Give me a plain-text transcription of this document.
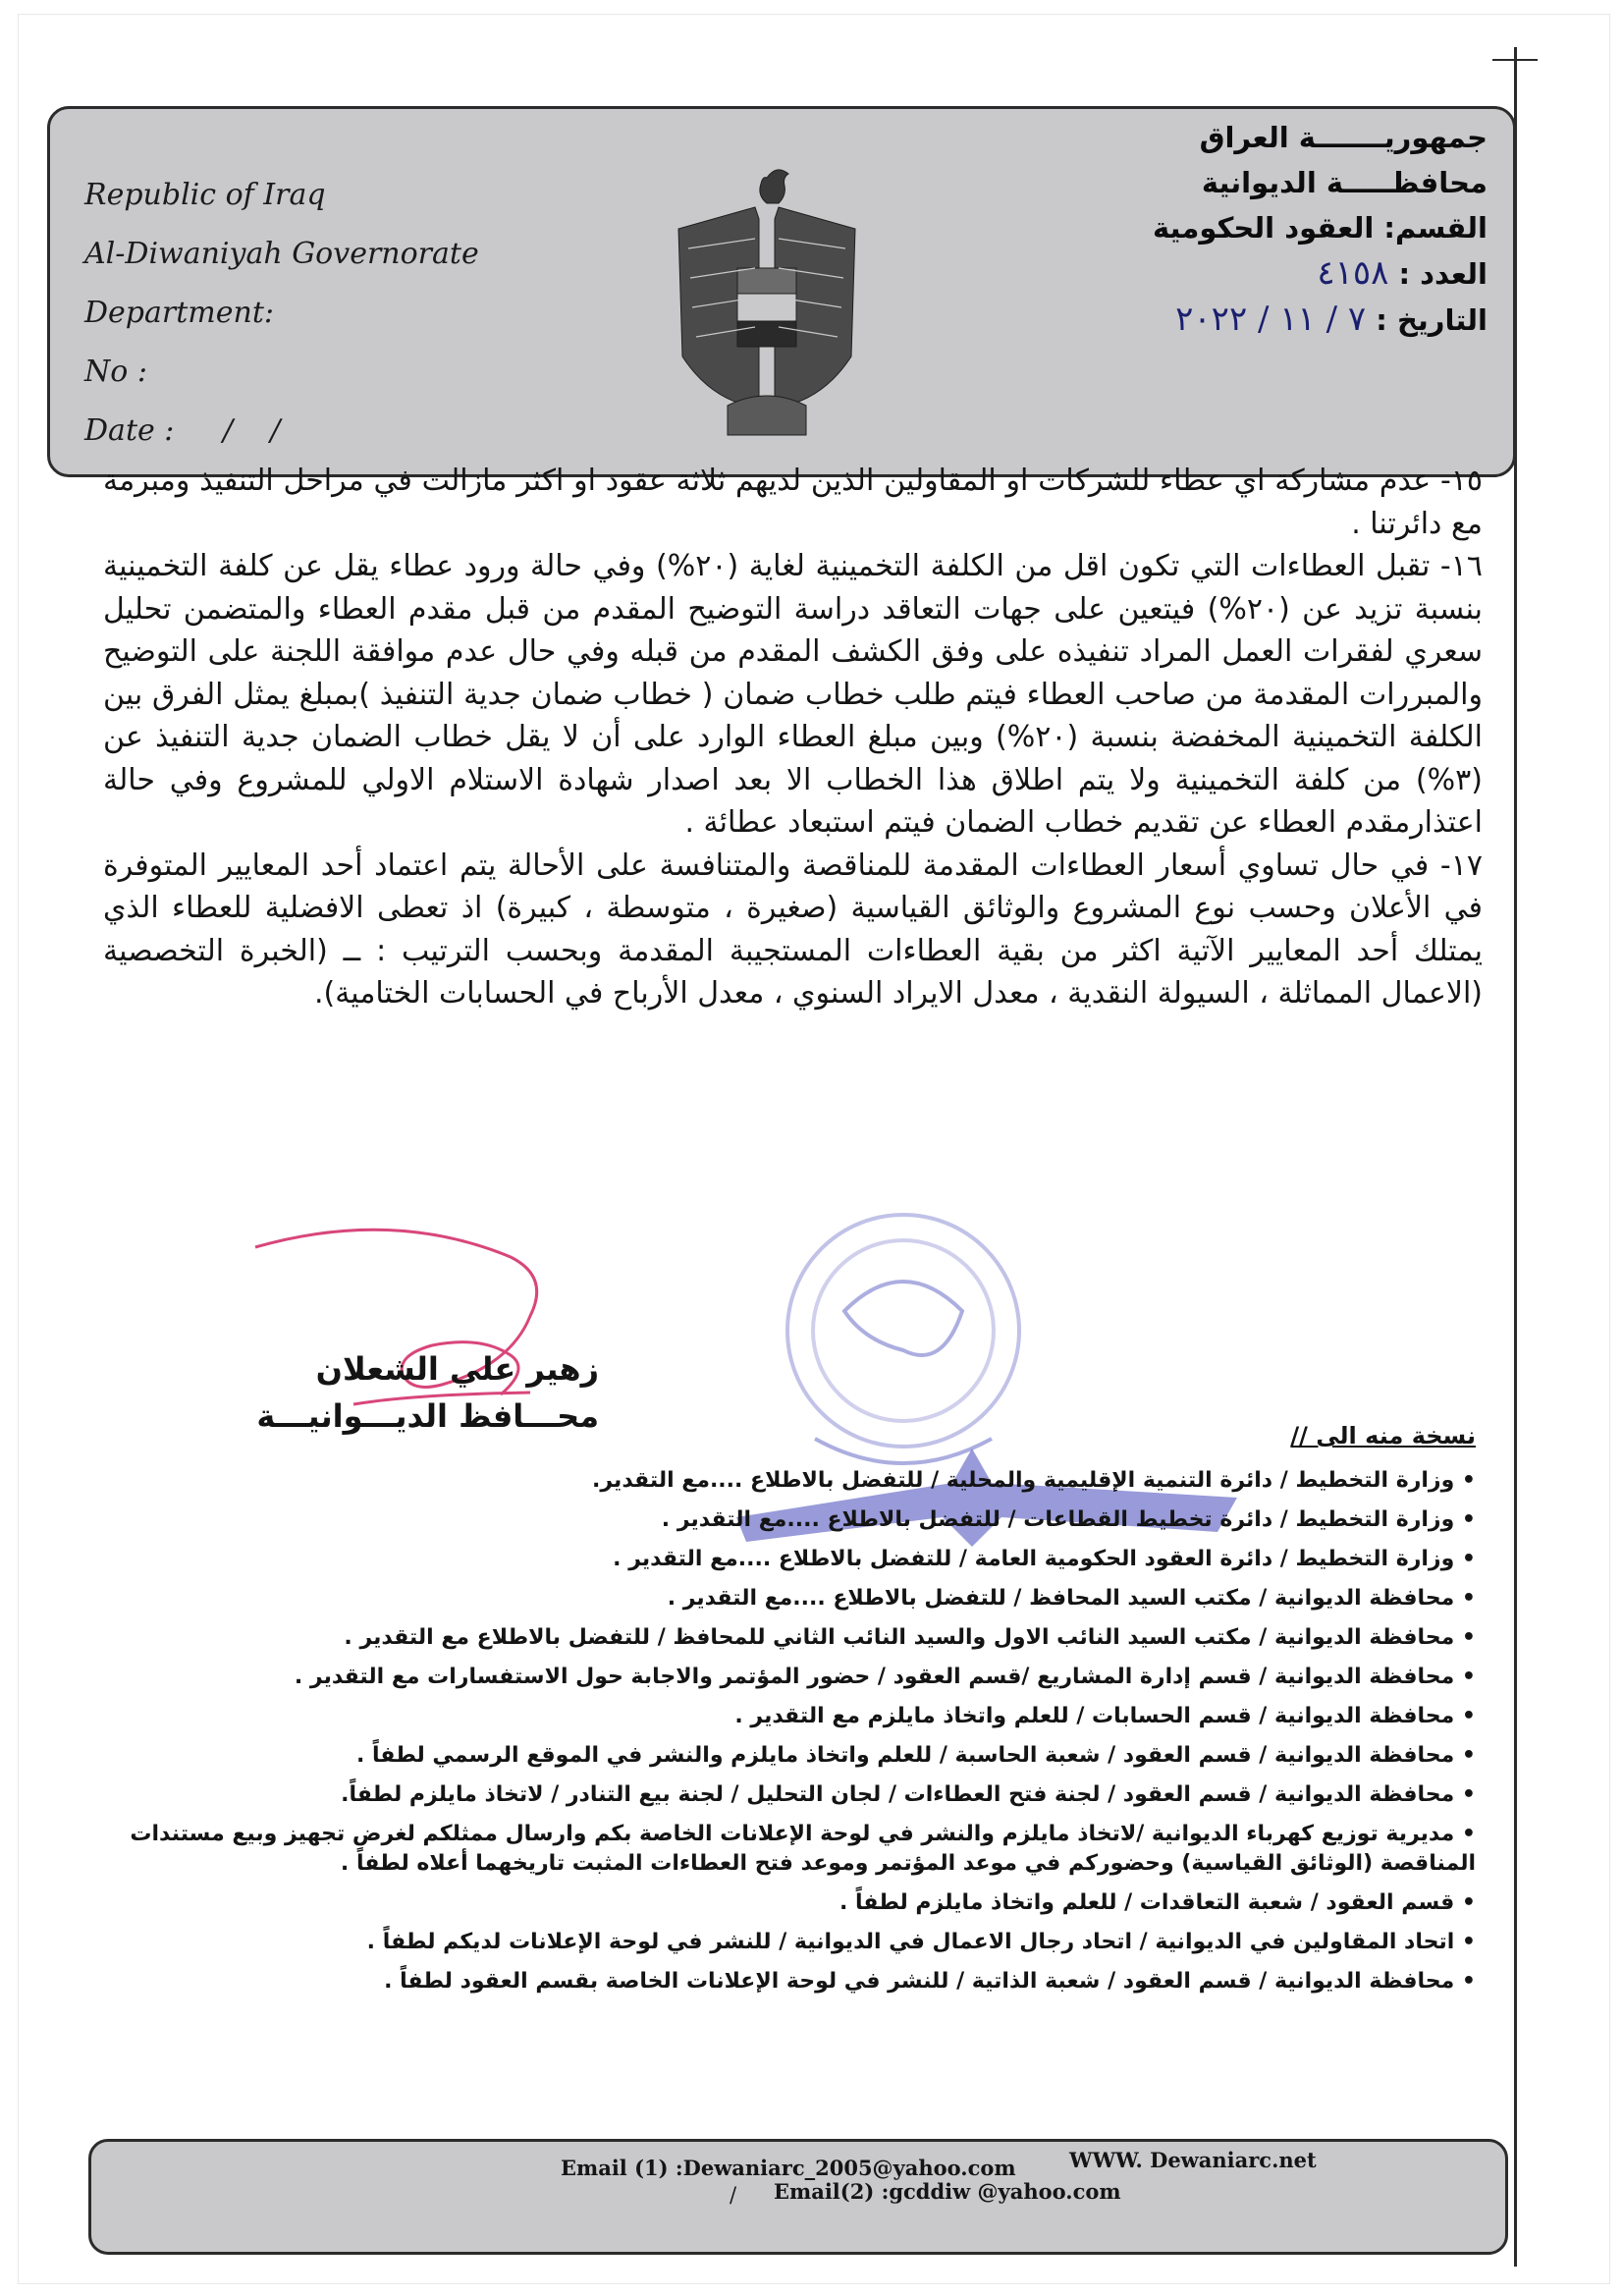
Republic of Iraq
Al-Diwaniyah Governorate
Department:
No :
Date : /    /
جمهوريـــــــة العراق
محافظـــــة الديوانية
القسم: العقود الحكومية
العدد : ٤١٥٨
التاريخ : ٧ / ١١ / ٢٠٢٢

١٥- عدم مشاركة اي عطاء للشركات او المقاولين الذين لديهم ثلاثة عقود او اكثر مازالت في مراحل التنفيذ ومبرمة مع دائرتنا .

١٦- تقبل العطاءات التي تكون اقل من الكلفة التخمينية لغاية (٢٠%) وفي حالة ورود عطاء يقل عن كلفة التخمينية بنسبة تزيد عن (٢٠%) فيتعين على جهات التعاقد دراسة التوضيح المقدم من قبل مقدم العطاء والمتضمن تحليل سعري لفقرات العمل المراد تنفيذه على وفق الكشف المقدم من قبله وفي حال عدم موافقة اللجنة على التوضيح والمبررات المقدمة من صاحب العطاء فيتم طلب خطاب ضمان ( خطاب ضمان جدية التنفيذ )بمبلغ يمثل الفرق بين الكلفة التخمينية المخفضة بنسبة (٢٠%) وبين مبلغ العطاء الوارد على أن لا يقل خطاب الضمان جدية التنفيذ عن (٣%) من كلفة التخمينية ولا يتم اطلاق هذا الخطاب الا بعد اصدار شهادة الاستلام الاولي للمشروع وفي حالة اعتذارمقدم العطاء عن تقديم خطاب الضمان فيتم استبعاد عطائة .

١٧- في حال تساوي أسعار العطاءات المقدمة للمناقصة والمتنافسة على الأحالة يتم اعتماد أحد المعايير المتوفرة في الأعلان وحسب نوع المشروع والوثائق القياسية (صغيرة ، متوسطة ، كبيرة) اذ تعطى الافضلية للعطاء الذي يمتلك أحد المعايير الآتية اكثر من بقية العطاءات المستجيبة المقدمة وبحسب الترتيب : ــ (الخبرة التخصصية (الاعمال المماثلة ، السيولة النقدية ، معدل الايراد السنوي ، معدل الأرباح في الحسابات الختامية).

زهير علي الشعلان
محـــافظ الديـــوانيـــة
نسخة منه الى //
• وزارة التخطيط / دائرة التنمية الإقليمية والمحلية / للتفضل بالاطلاع ....مع التقدير.
• وزارة التخطيط / دائرة تخطيط القطاعات / للتفضل بالاطلاع ....مع التقدير .
• وزارة التخطيط / دائرة العقود الحكومية العامة / للتفضل بالاطلاع ....مع التقدير .
• محافظة الديوانية / مكتب السيد المحافظ / للتفضل بالاطلاع ....مع التقدير .
• محافظة الديوانية / مكتب السيد النائب الاول والسيد النائب الثاني للمحافظ / للتفضل بالاطلاع مع التقدير .
• محافظة الديوانية / قسم إدارة المشاريع /قسم العقود / حضور المؤتمر والاجابة حول الاستفسارات مع التقدير .
• محافظة الديوانية / قسم الحسابات / للعلم واتخاذ مايلزم مع التقدير .
• محافظة الديوانية / قسم العقود / شعبة الحاسبة / للعلم واتخاذ مايلزم والنشر في الموقع الرسمي لطفاً .
• محافظة الديوانية / قسم العقود / لجنة فتح العطاءات / لجان التحليل / لجنة بيع التنادر / لاتخاذ مايلزم لطفاً.
• مديرية توزيع كهرباء الديوانية /لاتخاذ مايلزم والنشر في لوحة الإعلانات الخاصة بكم وارسال ممثلكم لغرض تجهيز وبيع مستندات المناقصة (الوثائق القياسية) وحضوركم في موعد المؤتمر وموعد فتح العطاءات المثبت تاريخهما أعلاه لطفاً .
• قسم العقود / شعبة التعاقدات / للعلم واتخاذ مايلزم لطفاً .
• اتحاد المقاولين في الديوانية / اتحاد رجال الاعمال في الديوانية / للنشر في لوحة الإعلانات لديكم لطفاً .
• محافظة الديوانية / قسم العقود / شعبة الذاتية / للنشر في لوحة الإعلانات الخاصة بقسم العقود لطفاً .
Email (1) :Dewaniarc_2005@yahoo.com	WWW. Dewaniarc.net
/ Email(2) :gcddiw @yahoo.com
